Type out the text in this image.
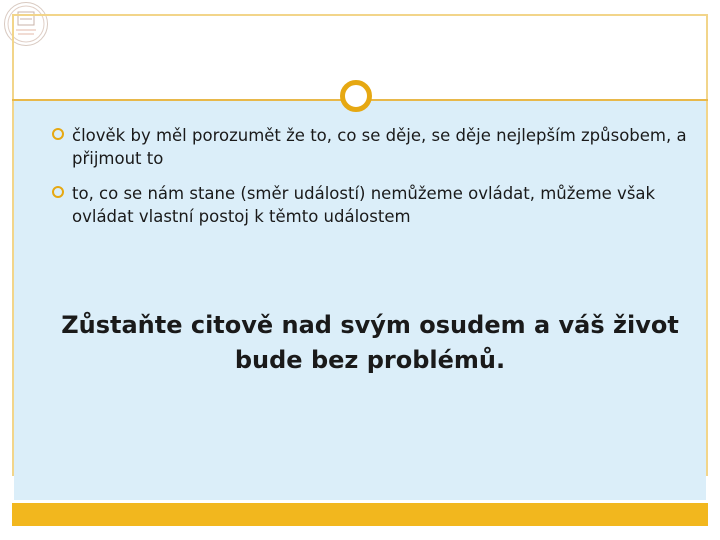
člověk by měl porozumět že to, co se děje, se děje nejlepším způsobem, a přijmout to
to, co se nám stane (směr událostí) nemůžeme ovládat, můžeme však ovládat vlastní postoj k těmto událostem
Zůstaňte citově nad svým osudem a váš život
bude bez problémů.
